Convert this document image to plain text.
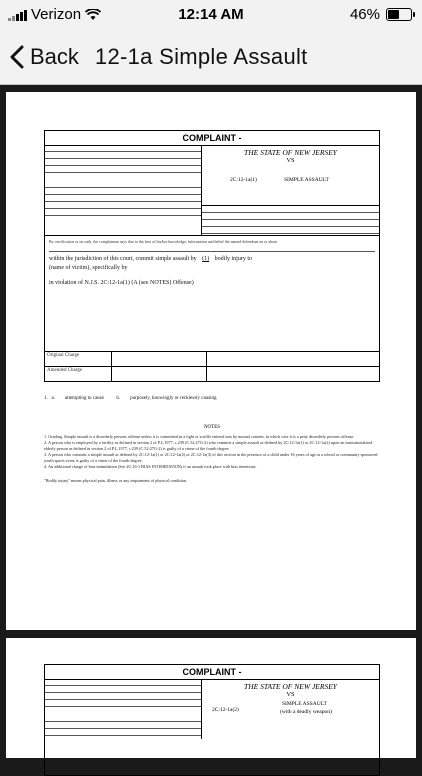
Verizon	12:14 AM	46%
Back 12-1a Simple Assault
COMPLAINT -
THE STATE OF NEW JERSEY
VS
2C:12-1a(1)	SIMPLE ASSAULT
By certification or on oath, the complainant says that to the best of his/her knowledge, information and belief the named defendant on or about
within the jurisdiction of this court, commit simple assault by (1) bodily injury to
(name of victim), specifically by
in violation of N.J.S. 2C:12-1a(1) (A (see NOTES) Offense)
Original Charge
Amended Charge
1.   a.        attempting to cause          b.        purposely, knowingly or recklessly causing
NOTES
1. Grading. Simple assault is a disorderly persons offense unless it is committed in a fight or scuffle entered into by mutual consent, in which case it is a petty disorderly persons offense.
2. A person who is employed by a facility as defined in section 2 of P.L.1977, c.239 (C.52:27G-2) who commits a simple assault as defined by 2C:12-1a(1) or 2C:12-1a(2) upon an institutionalized elderly person as defined in section 2 of P.L.1977, c.239 (C.52:27G-2) is guilty of a crime of the fourth degree.
3. A person who commits a simple assault as defined by 2C:12-1a(1) or 2C:12-1a(2) or 2C:12-1a(3) of this section in the presence of a child under 16 years of age at a school or community sponsored youth sports event is guilty of a crime of the fourth degree.
4. An additional charge of bias intimidation (See 2C:16-1 BIAS INTIMIDATION) if an assault took place with bias intentions.
"Bodily injury" means physical pain, illness or any impairment of physical condition.
COMPLAINT -
THE STATE OF NEW JERSEY
VS
2C:12-1a(2)
SIMPLE ASSAULT
(with a deadly weapon)
